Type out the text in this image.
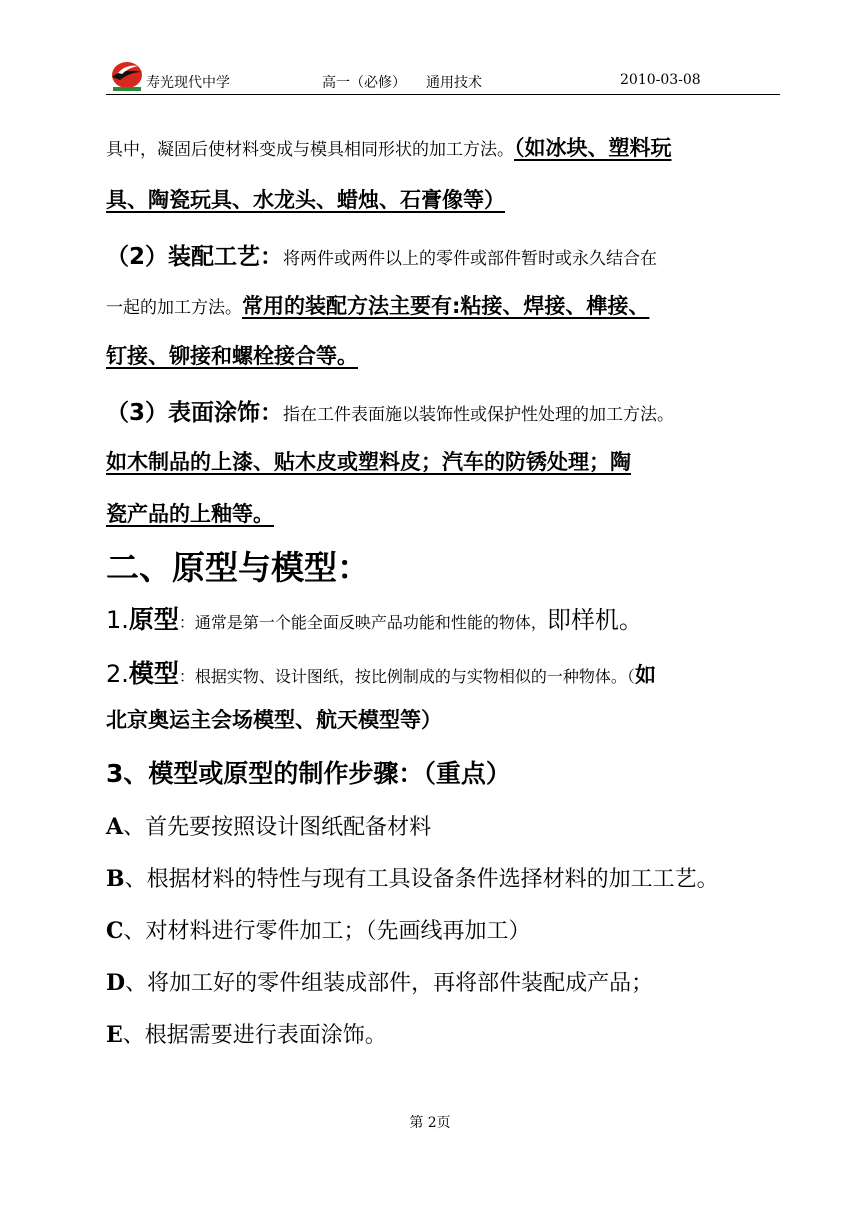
寿光现代中学	高一（必修） 通用技术	2010-03-08
具中，凝固后使材料变成与模具相同形状的加工方法。（如冰块、塑料玩
具、陶瓷玩具、水龙头、蜡烛、石膏像等）
（2）装配工艺：将两件或两件以上的零件或部件暂时或永久结合在
一起的加工方法。常用的装配方法主要有:粘接、焊接、榫接、
钉接、铆接和螺栓接合等。
（3）表面涂饰：指在工件表面施以装饰性或保护性处理的加工方法。
如木制品的上漆、贴木皮或塑料皮；汽车的防锈处理；陶
瓷产品的上釉等。
二、原型与模型：
1.原型：通常是第一个能全面反映产品功能和性能的物体，即样机。
2.模型：根据实物、设计图纸，按比例制成的与实物相似的一种物体。（如
北京奥运主会场模型、航天模型等）
3、模型或原型的制作步骤：（重点）
A、首先要按照设计图纸配备材料
B、根据材料的特性与现有工具设备条件选择材料的加工工艺。
C、对材料进行零件加工；（先画线再加工）
D、将加工好的零件组装成部件，再将部件装配成产品；
E、根据需要进行表面涂饰。
第 2页
